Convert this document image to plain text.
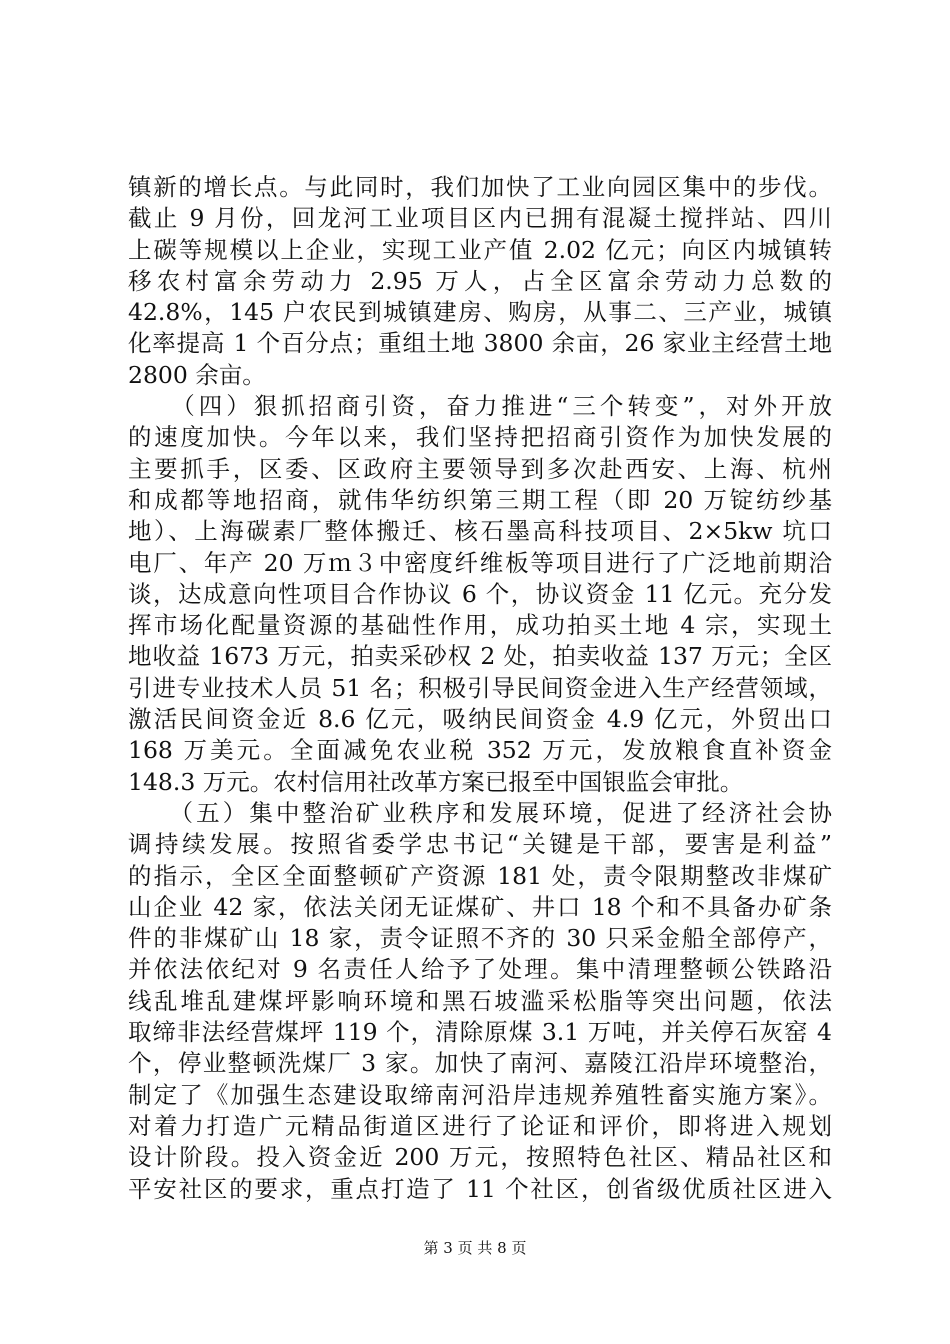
镇新的增长点。与此同时，我们加快了工业向园区集中的步伐。
截止 9 月份，回龙河工业项目区内已拥有混凝土搅拌站、四川
上碳等规模以上企业，实现工业产值 2.02 亿元；向区内城镇转
移农村富余劳动力 2.95 万人，占全区富余劳动力总数的
42.8%，145 户农民到城镇建房、购房，从事二、三产业，城镇
化率提高 1 个百分点；重组土地 3800 余亩，26 家业主经营土地
2800 余亩。
　　（四）狠抓招商引资，奋力推进“三个转变”，对外开放
的速度加快。今年以来，我们坚持把招商引资作为加快发展的
主要抓手，区委、区政府主要领导到多次赴西安、上海、杭州
和成都等地招商，就伟华纺织第三期工程（即 20 万锭纺纱基
地）、上海碳素厂整体搬迁、核石墨高科技项目、2×5kw 坑口
电厂、年产 20 万ｍ３中密度纤维板等项目进行了广泛地前期洽
谈，达成意向性项目合作协议 6 个，协议资金 11 亿元。充分发
挥市场化配量资源的基础性作用，成功拍买土地 4 宗，实现土
地收益 1673 万元，拍卖采砂权 2 处，拍卖收益 137 万元；全区
引进专业技术人员 51 名；积极引导民间资金进入生产经营领域，
激活民间资金近 8.6 亿元，吸纳民间资金 4.9 亿元，外贸出口
168 万美元。全面减免农业税 352 万元，发放粮食直补资金
148.3 万元。农村信用社改革方案已报至中国银监会审批。
　　（五）集中整治矿业秩序和发展环境，促进了经济社会协
调持续发展。按照省委学忠书记“关键是干部，要害是利益”
的指示，全区全面整顿矿产资源 181 处，责令限期整改非煤矿
山企业 42 家，依法关闭无证煤矿、井口 18 个和不具备办矿条
件的非煤矿山 18 家，责令证照不齐的 30 只采金船全部停产，
并依法依纪对 9 名责任人给予了处理。集中清理整顿公铁路沿
线乱堆乱建煤坪影响环境和黑石坡滥采松脂等突出问题，依法
取缔非法经营煤坪 119 个，清除原煤 3.1 万吨，并关停石灰窑 4
个，停业整顿洗煤厂 3 家。加快了南河、嘉陵江沿岸环境整治，
制定了《加强生态建设取缔南河沿岸违规养殖牲畜实施方案》。
对着力打造广元精品街道区进行了论证和评价，即将进入规划
设计阶段。投入资金近 200 万元，按照特色社区、精品社区和
平安社区的要求，重点打造了 11 个社区，创省级优质社区进入
第 3 页 共 8 页
